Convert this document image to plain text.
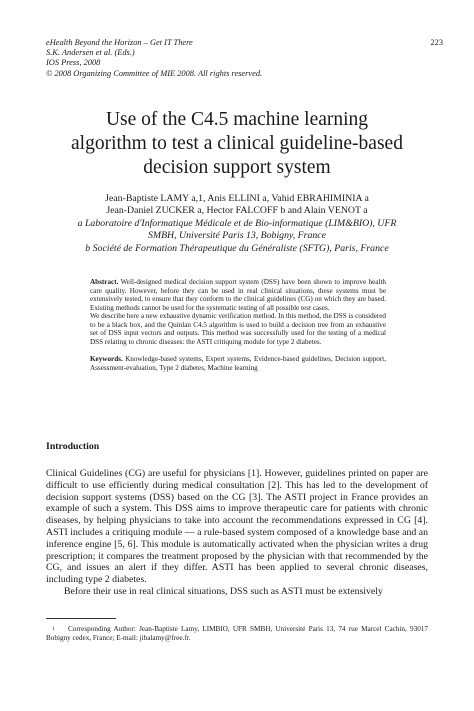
eHealth Beyond the Horizon – Get IT There
S.K. Andersen et al. (Eds.)
IOS Press, 2008
© 2008 Organizing Committee of MIE 2008. All rights reserved.
223
Use of the C4.5 machine learning
algorithm to test a clinical guideline-based
decision support system
Jean-Baptiste LAMY a,1, Anis ELLINI a, Vahid EBRAHIMINIA a
Jean-Daniel ZUCKER a, Hector FALCOFF b and Alain VENOT a
a Laboratoire d'Informatique Médicale et de Bio-informatique (LIM&BIO), UFR
SMBH, Université Paris 13, Bobigny, France
b Société de Formation Thérapeutique du Généraliste (SFTG), Paris, France

Abstract. Well-designed medical decision support system (DSS) have been shown to improve health care quality. However, before they can be used in real clinical situations, these systems must be extensively tested, to ensure that they conform to the clinical guidelines (CG) on which they are based. Existing methods cannot be used for the systematic testing of all possible test cases.

We describe here a new exhaustive dynamic verification method. In this method, the DSS is considered to be a black box, and the Quinlan C4.5 algorithm is used to build a decision tree from an exhaustive set of DSS input vectors and outputs. This method was successfully used for the testing of a medical DSS relating to chronic diseases: the ASTI critiquing module for type 2 diabetes.

Keywords. Knowledge-based systems, Expert systems, Evidence-based guidelines, Decision support, Assessment-evaluation, Type 2 diabetes, Machine learning

Introduction

Clinical Guidelines (CG) are useful for physicians [1]. However, guidelines printed on paper are difficult to use efficiently during medical consultation [2]. This has led to the development of decision support systems (DSS) based on the CG [3]. The ASTI project in France provides an example of such a system. This DSS aims to improve therapeutic care for patients with chronic diseases, by helping physicians to take into account the recommendations expressed in CG [4]. ASTI includes a critiquing module — a rule-based system composed of a knowledge base and an inference engine [5, 6]. This module is automatically activated when the physician writes a drug prescription; it compares the treatment proposed by the physician with that recommended by the CG, and issues an alert if they differ. ASTI has been applied to several chronic diseases, including type 2 diabetes.

Before their use in real clinical situations, DSS such as ASTI must be extensively

1 Corresponding Author: Jean-Baptiste Lamy, LIMBIO, UFR SMBH, Université Paris 13, 74 rue Marcel Cachin, 93017 Bobigny cedex, France; E-mail: jibalamy@free.fr.
